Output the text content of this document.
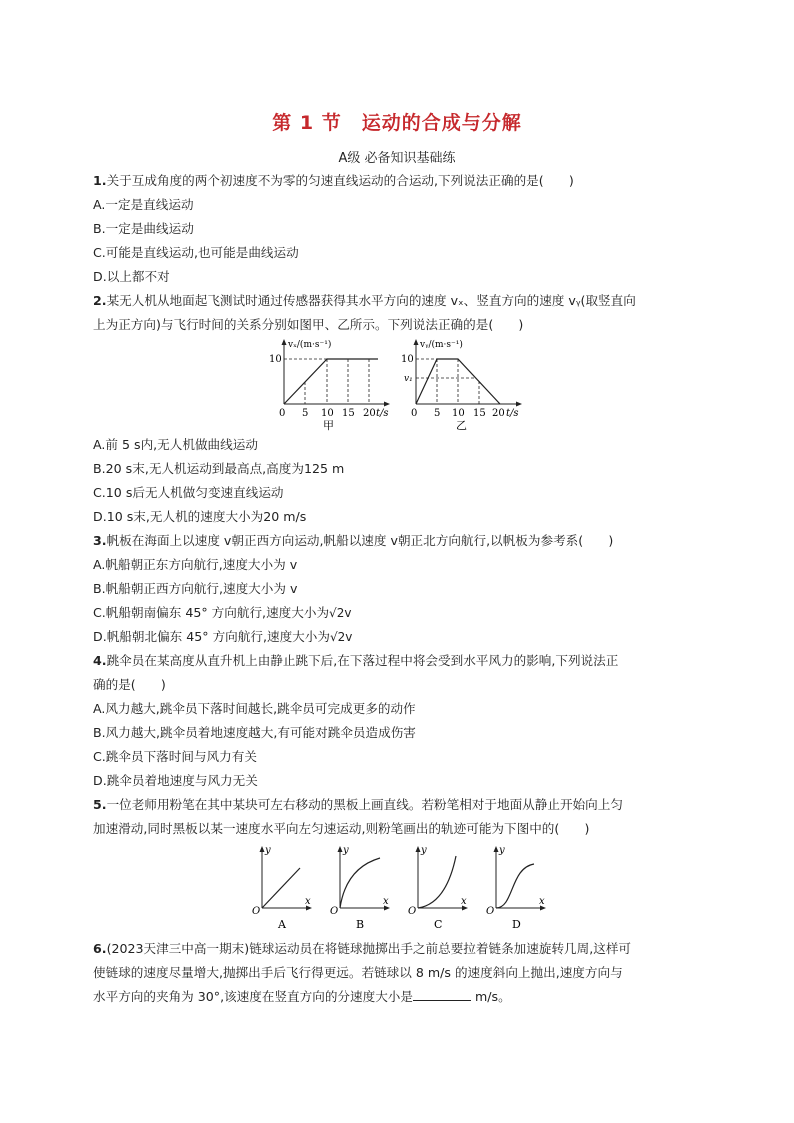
第 1 节　运动的合成与分解
A级 必备知识基础练
1.关于互成角度的两个初速度不为零的匀速直线运动的合运动,下列说法正确的是(　　)
A.一定是直线运动
B.一定是曲线运动
C.可能是直线运动,也可能是曲线运动
D.以上都不对
2.某无人机从地面起飞测试时通过传感器获得其水平方向的速度 vₓ、竖直方向的速度 vᵧ(取竖直向
上为正方向)与飞行时间的关系分别如图甲、乙所示。下列说法正确的是(　　)
vₓ/(m·s⁻¹)
10
0 5 10 15 20 t/s
甲
vᵧ/(m·s⁻¹)
10
v₁
0 5 10 15 20 t/s
乙
A.前 5 s内,无人机做曲线运动
B.20 s末,无人机运动到最高点,高度为125 m
C.10 s后无人机做匀变速直线运动
D.10 s末,无人机的速度大小为20 m/s
3.帆板在海面上以速度 v朝正西方向运动,帆船以速度 v朝正北方向航行,以帆板为参考系(　　)
A.帆船朝正东方向航行,速度大小为 v
B.帆船朝正西方向航行,速度大小为 v
C.帆船朝南偏东 45° 方向航行,速度大小为√2v
D.帆船朝北偏东 45° 方向航行,速度大小为√2v
4.跳伞员在某高度从直升机上由静止跳下后,在下落过程中将会受到水平风力的影响,下列说法正
确的是(　　)
A.风力越大,跳伞员下落时间越长,跳伞员可完成更多的动作
B.风力越大,跳伞员着地速度越大,有可能对跳伞员造成伤害
C.跳伞员下落时间与风力有关
D.跳伞员着地速度与风力无关
5.一位老师用粉笔在其中某块可左右移动的黑板上画直线。若粉笔相对于地面从静止开始向上匀
加速滑动,同时黑板以某一速度水平向左匀速运动,则粉笔画出的轨迹可能为下图中的(　　)
y
x
O
A
y
x
O
B
y
x
O
C
y
x
O
D
6.(2023天津三中高一期末)链球运动员在将链球抛掷出手之前总要拉着链条加速旋转几周,这样可
使链球的速度尽量增大,抛掷出手后飞行得更远。若链球以 8 m/s 的速度斜向上抛出,速度方向与
水平方向的夹角为 30°,该速度在竖直方向的分速度大小是	m/s。
